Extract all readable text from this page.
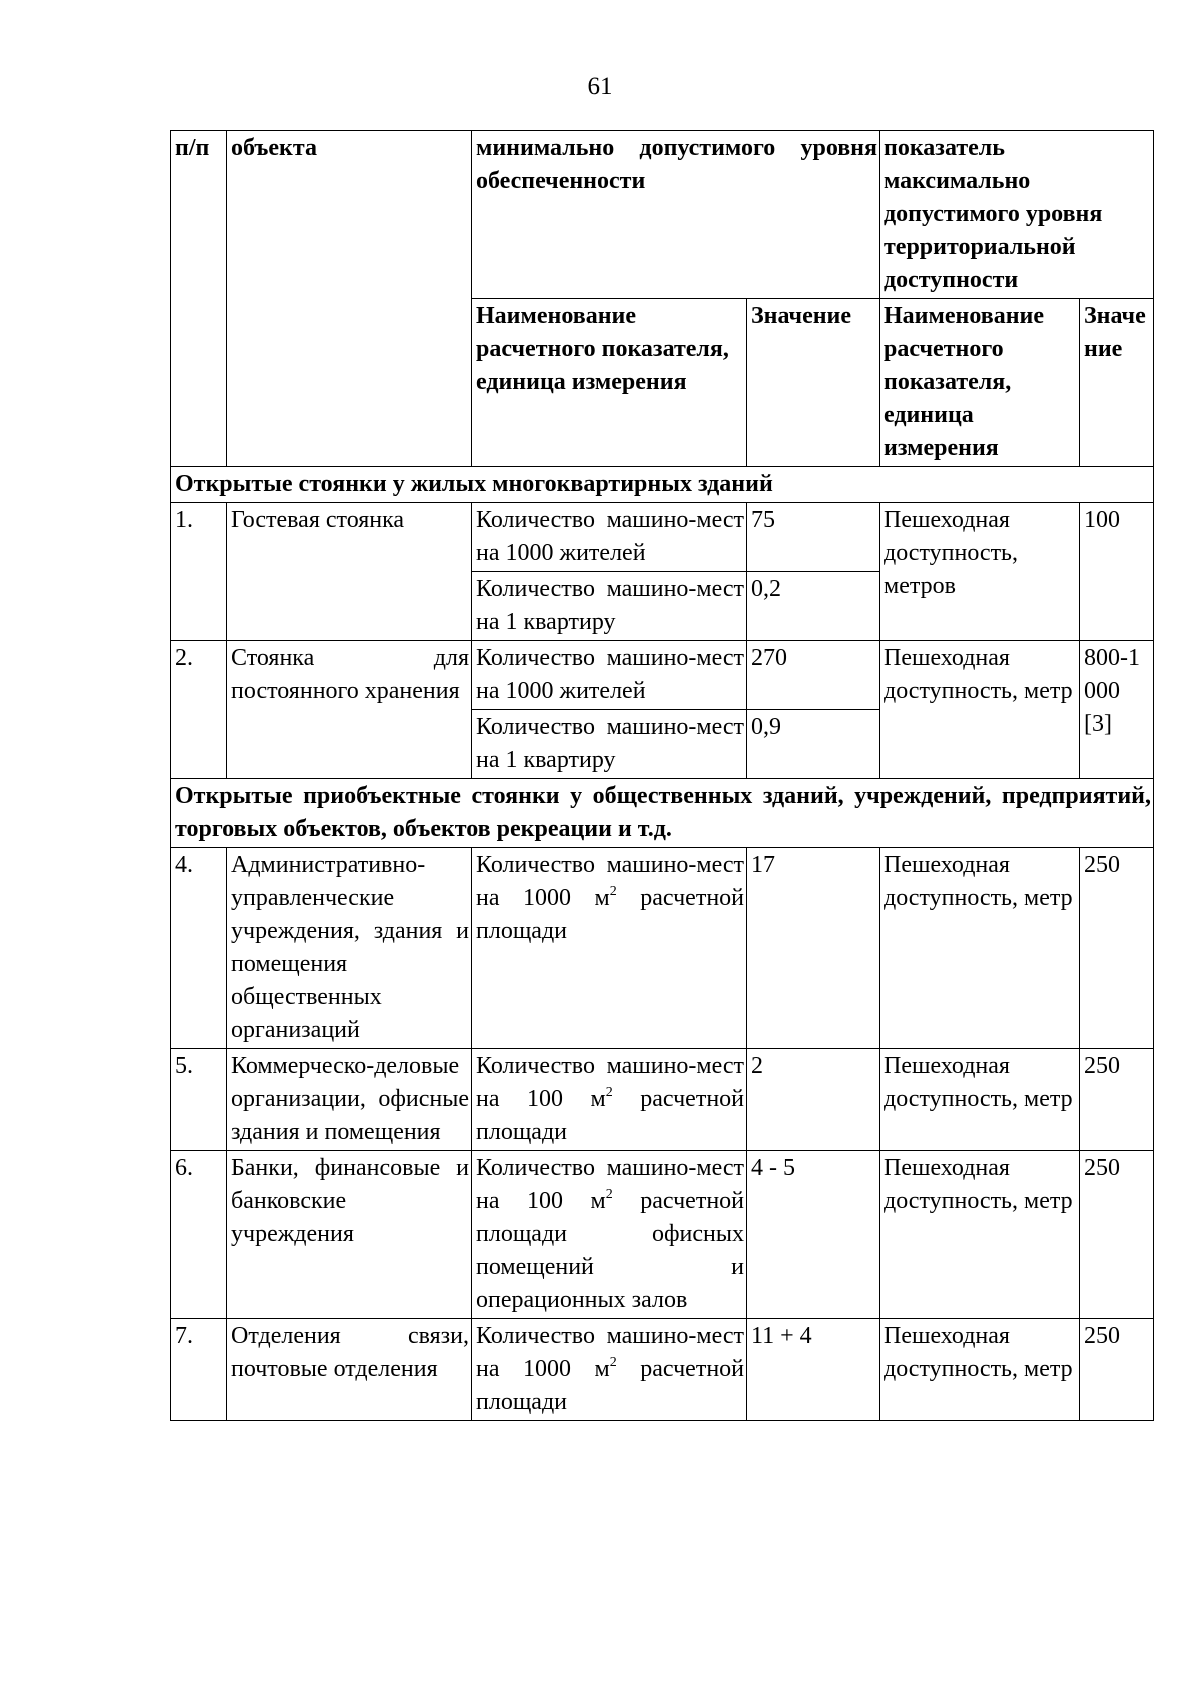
61
п/п	объекта	минимально допустимого уровня обеспеченности		показатель максимально допустимого уровня территориальной доступности	
		Наименование расчетного показателя, единица измерения	Значение	Наименование расчетного показателя, единица измерения	Значение
Открытые стоянки у жилых многоквартирных зданий					
1.	Гостевая стоянка	Количество машино-мест на 1000 жителей	75	Пешеходная доступность, метров	100
		Количество машино-мест на 1 квартиру	0,2		
2.	Стоянка для постоянного хранения	Количество машино-мест на 1000 жителей	270	Пешеходная доступность, метр	800-1000 [3]
		Количество машино-мест на 1 квартиру	0,9		
Открытые приобъектные стоянки у общественных зданий, учреждений, предприятий, торговых объектов, объектов рекреации и т.д.					
4.	Административно-управленческие учреждения, здания и помещения общественных организаций	Количество машино-мест на 1000 $м^2$ расчетной площади	17	Пешеходная доступность, метр	250
5.	Коммерческо-деловые организации, офисные здания и помещения	Количество машино-мест на 100 $м^2$ расчетной площади	2	Пешеходная доступность, метр	250
6.	Банки, финансовые и банковские учреждения	Количество машино-мест на 100 $м^2$ расчетной площади офисных помещений и операционных залов	4 - 5	Пешеходная доступность, метр	250
7.	Отделения связи, почтовые отделения	Количество машино-мест на 1000 $м^2$ расчетной площади	11 + 4	Пешеходная доступность, метр	250
